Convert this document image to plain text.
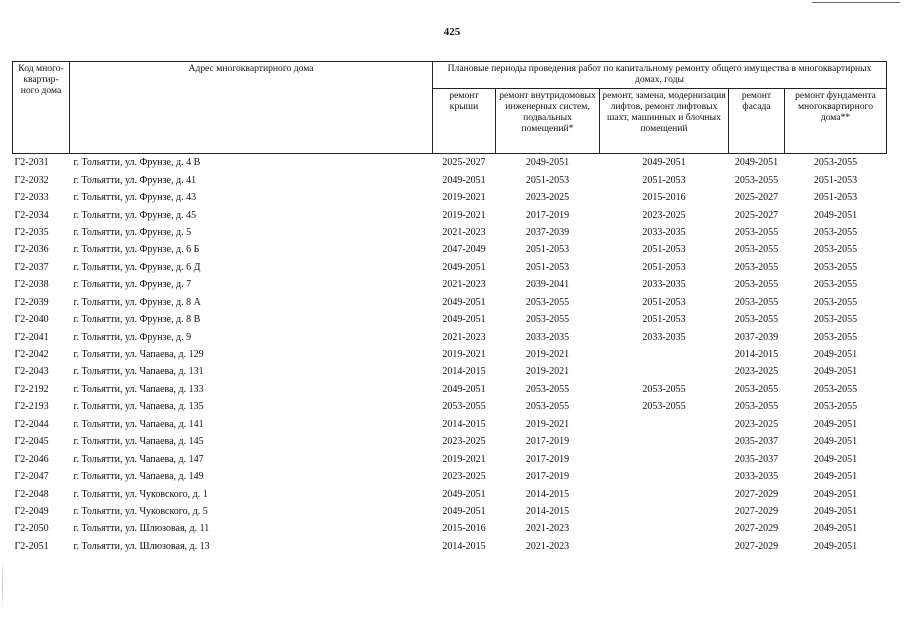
425
Код много-квартир-ного дома	Адрес многоквартирного дома	Плановые периоды проведения работ по капитальному ремонту общего имущества в многоквартирных домах, годы				
		ремонт крыши	ремонт внутридомовых инженерных систем, подвальных помещений*	ремонт, замена, модернизация лифтов, ремонт лифтовых шахт, машинных и блочных помещений	ремонт фасада	ремонт фундамента многоквартирного дома**
Г2-2031	г. Тольятти, ул. Фрунзе, д. 4 В	2025-2027	2049-2051	2049-2051	2049-2051	2053-2055
Г2-2032	г. Тольятти, ул. Фрунзе, д. 41	2049-2051	2051-2053	2051-2053	2053-2055	2051-2053
Г2-2033	г. Тольятти, ул. Фрунзе, д. 43	2019-2021	2023-2025	2015-2016	2025-2027	2051-2053
Г2-2034	г. Тольятти, ул. Фрунзе, д. 45	2019-2021	2017-2019	2023-2025	2025-2027	2049-2051
Г2-2035	г. Тольятти, ул. Фрунзе, д. 5	2021-2023	2037-2039	2033-2035	2053-2055	2053-2055
Г2-2036	г. Тольятти, ул. Фрунзе, д. 6 Б	2047-2049	2051-2053	2051-2053	2053-2055	2053-2055
Г2-2037	г. Тольятти, ул. Фрунзе, д. 6 Д	2049-2051	2051-2053	2051-2053	2053-2055	2053-2055
Г2-2038	г. Тольятти, ул. Фрунзе, д. 7	2021-2023	2039-2041	2033-2035	2053-2055	2053-2055
Г2-2039	г. Тольятти, ул. Фрунзе, д. 8 А	2049-2051	2053-2055	2051-2053	2053-2055	2053-2055
Г2-2040	г. Тольятти, ул. Фрунзе, д. 8 В	2049-2051	2053-2055	2051-2053	2053-2055	2053-2055
Г2-2041	г. Тольятти, ул. Фрунзе, д. 9	2021-2023	2033-2035	2033-2035	2037-2039	2053-2055
Г2-2042	г. Тольятти, ул. Чапаева, д. 129	2019-2021	2019-2021		2014-2015	2049-2051
Г2-2043	г. Тольятти, ул. Чапаева, д. 131	2014-2015	2019-2021		2023-2025	2049-2051
Г2-2192	г. Тольятти, ул. Чапаева, д. 133	2049-2051	2053-2055	2053-2055	2053-2055	2053-2055
Г2-2193	г. Тольятти, ул. Чапаева, д. 135	2053-2055	2053-2055	2053-2055	2053-2055	2053-2055
Г2-2044	г. Тольятти, ул. Чапаева, д. 141	2014-2015	2019-2021		2023-2025	2049-2051
Г2-2045	г. Тольятти, ул. Чапаева, д. 145	2023-2025	2017-2019		2035-2037	2049-2051
Г2-2046	г. Тольятти, ул. Чапаева, д. 147	2019-2021	2017-2019		2035-2037	2049-2051
Г2-2047	г. Тольятти, ул. Чапаева, д. 149	2023-2025	2017-2019		2033-2035	2049-2051
Г2-2048	г. Тольятти, ул. Чуковского, д. 1	2049-2051	2014-2015		2027-2029	2049-2051
Г2-2049	г. Тольятти, ул. Чуковского, д. 5	2049-2051	2014-2015		2027-2029	2049-2051
Г2-2050	г. Тольятти, ул. Шлюзовая, д. 11	2015-2016	2021-2023		2027-2029	2049-2051
Г2-2051	г. Тольятти, ул. Шлюзовая, д. 13	2014-2015	2021-2023		2027-2029	2049-2051
